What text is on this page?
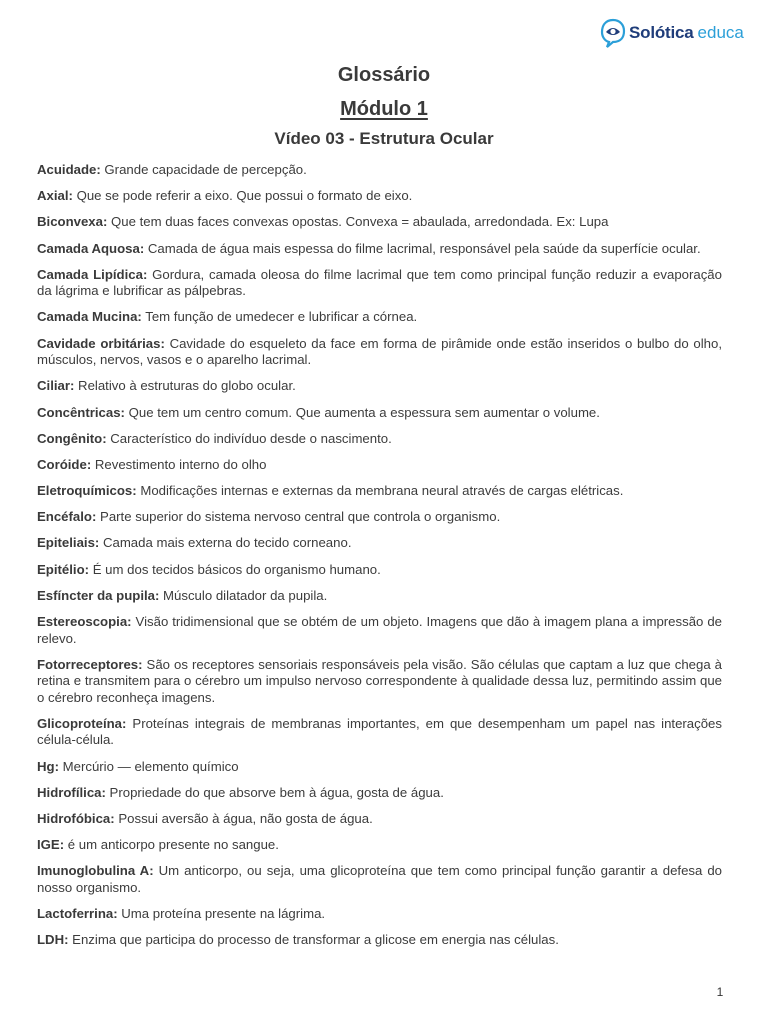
Solótica educa
Glossário
Módulo 1
Vídeo 03 - Estrutura Ocular
Acuidade: Grande capacidade de percepção.
Axial: Que se pode referir a eixo. Que possui o formato de eixo.
Biconvexa: Que tem duas faces convexas opostas. Convexa = abaulada, arredondada. Ex: Lupa
Camada Aquosa: Camada de água mais espessa do filme lacrimal, responsável pela saúde da superfície ocular.
Camada Lipídica: Gordura, camada oleosa do filme lacrimal que tem como principal função reduzir a evaporação da lágrima e lubrificar as pálpebras.
Camada Mucina: Tem função de umedecer e lubrificar a córnea.
Cavidade orbitárias: Cavidade do esqueleto da face em forma de pirâmide onde estão inseridos o bulbo do olho, músculos, nervos, vasos e o aparelho lacrimal.
Ciliar: Relativo à estruturas do globo ocular.
Concêntricas: Que tem um centro comum. Que aumenta a espessura sem aumentar o volume.
Congênito: Característico do indivíduo desde o nascimento.
Coróide: Revestimento interno do olho
Eletroquímicos: Modificações internas e externas da membrana neural através de cargas elétricas.
Encéfalo: Parte superior do sistema nervoso central que controla o organismo.
Epiteliais: Camada mais externa do tecido corneano.
Epitélio: É um dos tecidos básicos do organismo humano.
Esfíncter da pupila: Músculo dilatador da pupila.
Estereoscopia: Visão tridimensional que se obtém de um objeto. Imagens que dão à imagem plana a impressão de relevo.
Fotorreceptores: São os receptores sensoriais responsáveis pela visão. São células que captam a luz que chega à retina e transmitem para o cérebro um impulso nervoso correspondente à qualidade dessa luz, permitindo assim que o cérebro reconheça imagens.
Glicoproteína: Proteínas integrais de membranas importantes, em que desempenham um papel nas interações célula-célula.
Hg: Mercúrio — elemento químico
Hidrofílica: Propriedade do que absorve bem à água, gosta de água.
Hidrofóbica: Possui aversão à água, não gosta de água.
IGE: é um anticorpo presente no sangue.
Imunoglobulina A: Um anticorpo, ou seja, uma glicoproteína que tem como principal função garantir a defesa do nosso organismo.
Lactoferrina: Uma proteína presente na lágrima.
LDH: Enzima que participa do processo de transformar a glicose em energia nas células.
1
